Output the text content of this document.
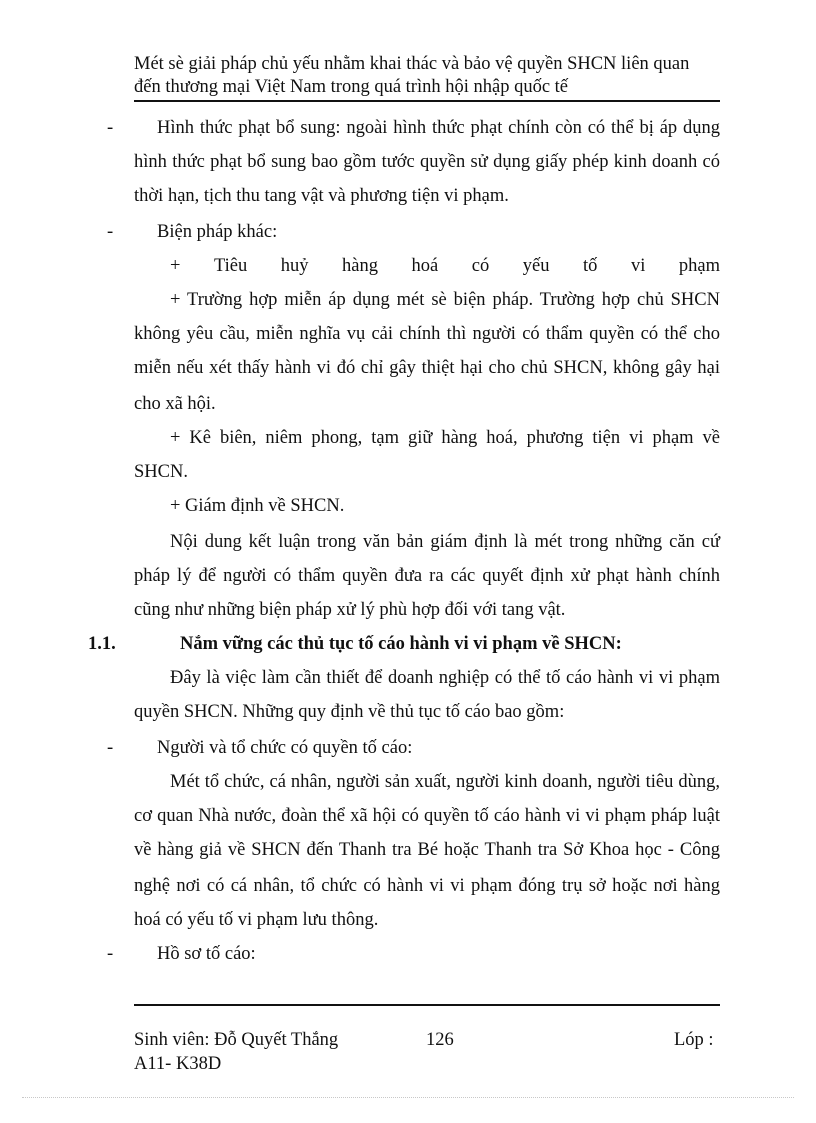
Mét sè giải pháp chủ yếu nhằm khai thác và bảo vệ quyền SHCN liên quan
đến thương mại Việt Nam trong quá trình hội nhập quốc tế
- Hình thức phạt bổ sung: ngoài hình thức phạt chính còn có thể bị áp dụng
hình thức phạt bổ sung bao gồm tước quyền sử dụng giấy phép kinh doanh có
thời hạn, tịch thu tang vật và phương tiện vi phạm.
- Biện pháp khác:
+ Tiêu huỷ hàng hoá có yếu tố vi phạm
+ Trường hợp miễn áp dụng mét sè biện pháp. Trường hợp chủ SHCN
không yêu cầu, miễn nghĩa vụ cải chính thì người có thẩm quyền có thể cho
miễn nếu xét thấy hành vi đó chỉ gây thiệt hại cho chủ SHCN, không gây hại
cho xã hội.
+ Kê biên, niêm phong, tạm giữ hàng hoá, phương tiện vi phạm về
SHCN.
+ Giám định về SHCN.
Nội dung kết luận trong văn bản giám định là mét trong những căn cứ
pháp lý để người có thẩm quyền đưa ra các quyết định xử phạt hành chính
cũng như những biện pháp xử lý phù hợp đối với tang vật.
1.1.	Nắm vững các thủ tục tố cáo hành vi vi phạm về SHCN:
Đây là việc làm cần thiết để doanh nghiệp có thể tố cáo hành vi vi phạm
quyền SHCN. Những quy định về thủ tục tố cáo bao gồm:
- Người và tổ chức có quyền tố cáo:
Mét tổ chức, cá nhân, người sản xuất, người kinh doanh, người tiêu dùng,
cơ quan Nhà nước, đoàn thể xã hội có quyền tố cáo hành vi vi phạm pháp luật
về hàng giả về SHCN đến Thanh tra Bé hoặc Thanh tra Sở Khoa học - Công
nghệ nơi có cá nhân, tổ chức có hành vi vi phạm đóng trụ sở hoặc nơi hàng
hoá có yếu tố vi phạm lưu thông.
- Hồ sơ tố cáo:
Sinh viên: Đỗ Quyết Thắng	126	Lóp :
A11- K38D
